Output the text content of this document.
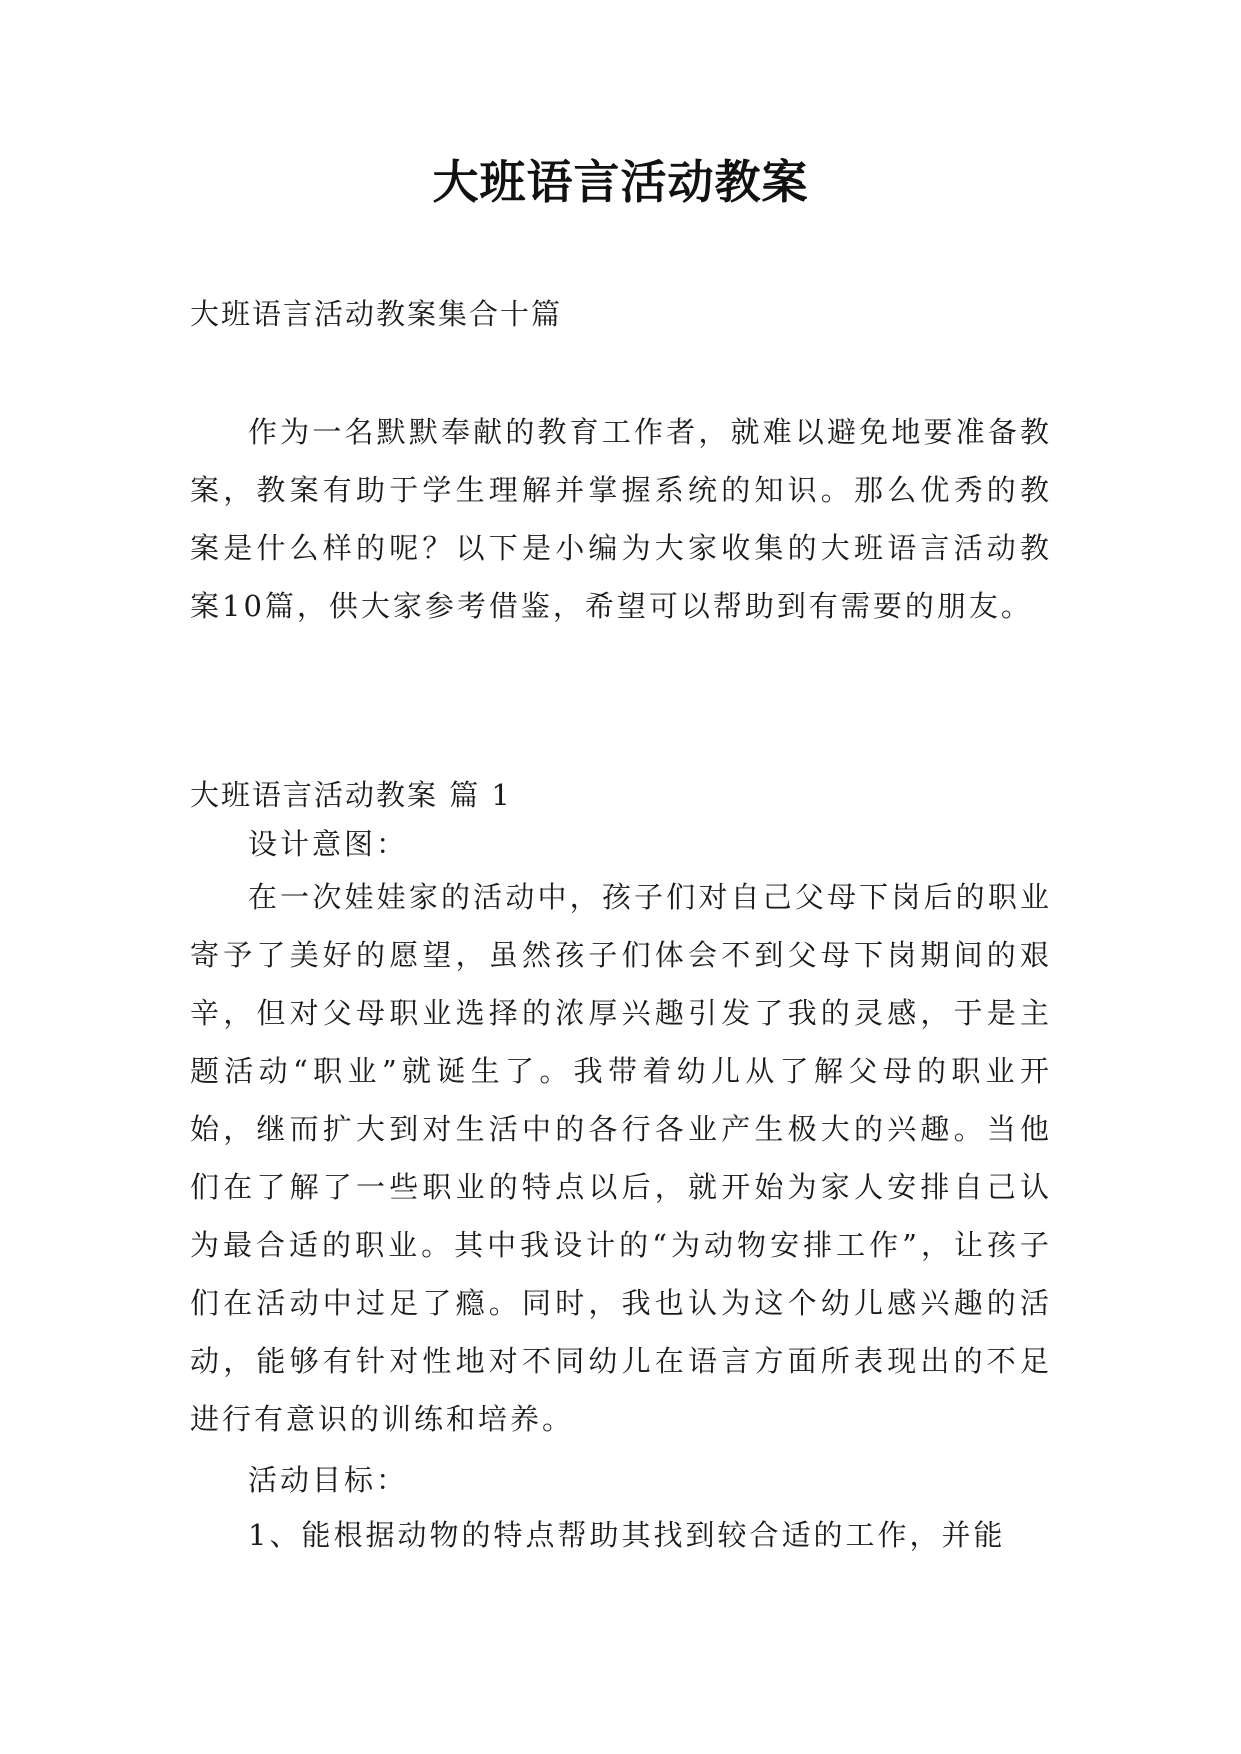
大班语言活动教案
大班语言活动教案集合十篇
作为一名默默奉献的教育工作者，就难以避免地要准备教案，教案有助于学生理解并掌握系统的知识。那么优秀的教案是什么样的呢？以下是小编为大家收集的大班语言活动教案10篇，供大家参考借鉴，希望可以帮助到有需要的朋友。
大班语言活动教案 篇 1
设计意图：
在一次娃娃家的活动中，孩子们对自己父母下岗后的职业寄予了美好的愿望，虽然孩子们体会不到父母下岗期间的艰辛，但对父母职业选择的浓厚兴趣引发了我的灵感，于是主题活动“职业”就诞生了。我带着幼儿从了解父母的职业开始，继而扩大到对生活中的各行各业产生极大的兴趣。当他们在了解了一些职业的特点以后，就开始为家人安排自己认为最合适的职业。其中我设计的“为动物安排工作”，让孩子们在活动中过足了瘾。同时，我也认为这个幼儿感兴趣的活动，能够有针对性地对不同幼儿在语言方面所表现出的不足进行有意识的训练和培养。
活动目标：
1、能根据动物的特点帮助其找到较合适的工作，并能
